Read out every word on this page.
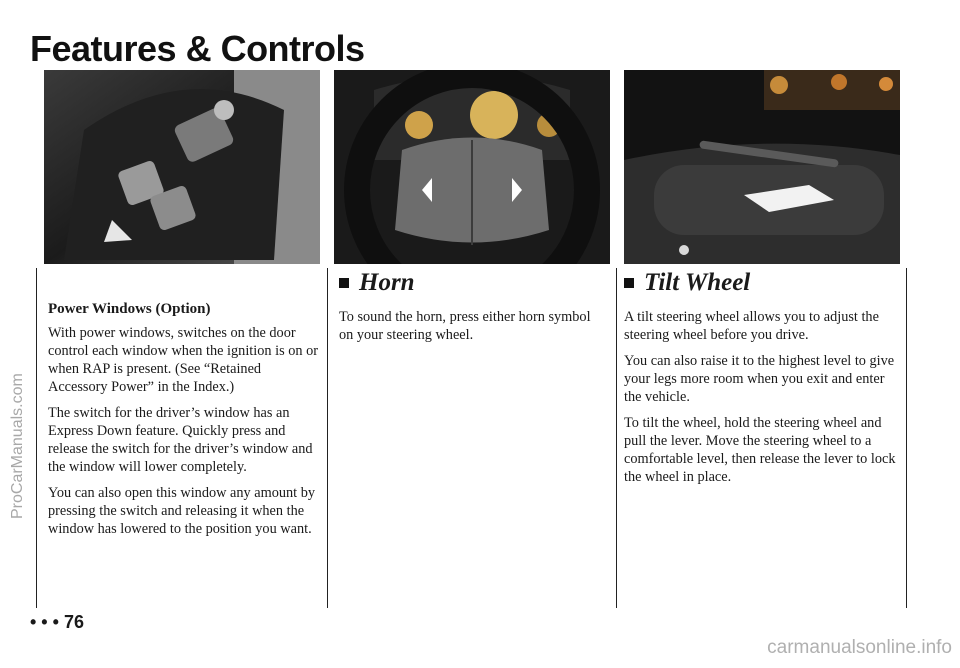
Features & Controls
Power Windows (Option)

With power windows, switches on the door control each window when the ignition is on or when RAP is present. (See “Retained Accessory Power” in the Index.)

The switch for the driver’s window has an Express Down feature. Quickly press and release the switch for the driver’s window and the window will lower completely.

You can also open this window any amount by pressing the switch and releasing it when the window has lowered to the position you want.

Horn

To sound the horn, press either horn symbol on your steering wheel.

Tilt Wheel

A tilt steering wheel allows you to adjust the steering wheel before you drive.

You can also raise it to the highest level to give your legs more room when you exit and enter the vehicle.

To tilt the wheel, hold the steering wheel and pull the lever. Move the steering wheel to a comfortable level, then release the lever to lock the wheel in place.

• • • 76
ProCarManuals.com
carmanualsonline.info
